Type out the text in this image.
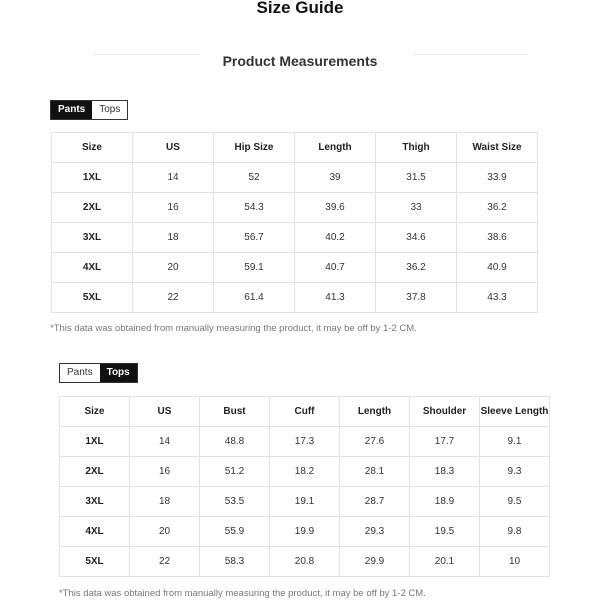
Size Guide
Product Measurements
Pants	Tops
Size	US	Hip Size	Length	Thigh	Waist Size
1XL	14	52	39	31.5	33.9
2XL	16	54.3	39.6	33	36.2
3XL	18	56.7	40.2	34.6	38.6
4XL	20	59.1	40.7	36.2	40.9
5XL	22	61.4	41.3	37.8	43.3
*This data was obtained from manually measuring the product, it may be off by 1-2 CM.
Pants	Tops
Size	US	Bust	Cuff	Length	Shoulder	Sleeve Length
1XL	14	48.8	17.3	27.6	17.7	9.1
2XL	16	51.2	18.2	28.1	18.3	9.3
3XL	18	53.5	19.1	28.7	18.9	9.5
4XL	20	55.9	19.9	29.3	19.5	9.8
5XL	22	58.3	20.8	29.9	20.1	10
*This data was obtained from manually measuring the product, it may be off by 1-2 CM.
